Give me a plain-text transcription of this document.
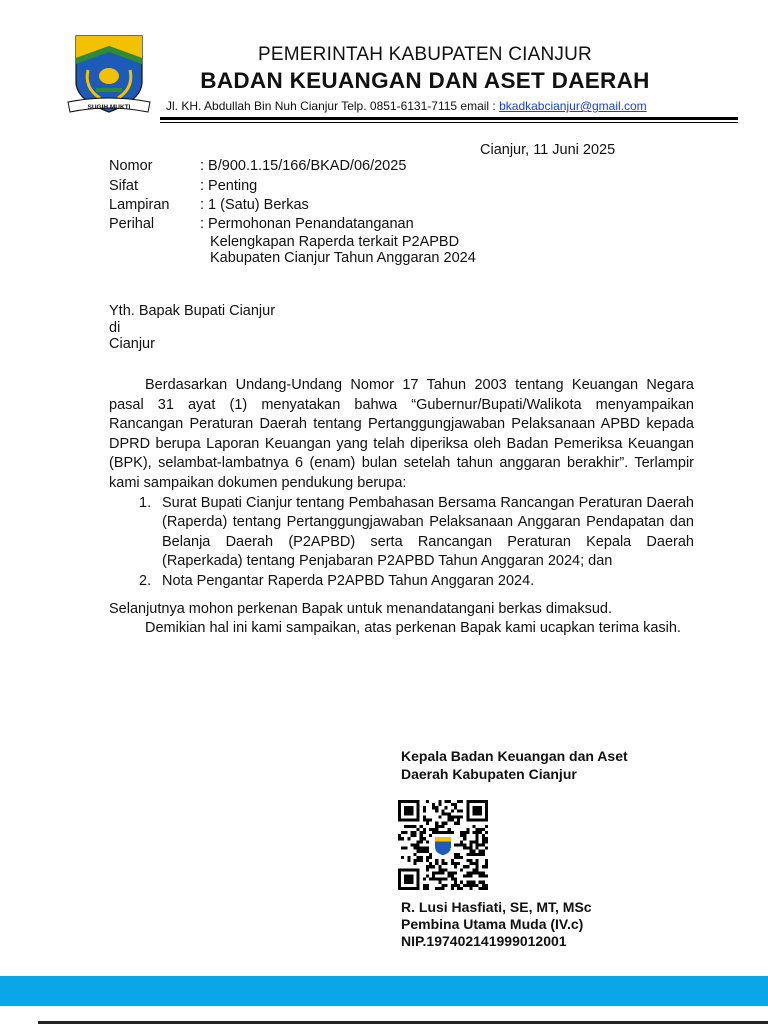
SUGIH MUKTI
PEMERINTAH KABUPATEN CIANJUR
BADAN KEUANGAN DAN ASET DAERAH
Jl. KH. Abdullah Bin Nuh Cianjur Telp. 0851-6131-7115 email : bkadkabcianjur@gmail.com
Cianjur, 11 Juni 2025
Nomor	: B/900.1.15/166/BKAD/06/2025
Sifat	: Penting
Lampiran : 1 (Satu) Berkas
Perihal	: Permohonan Penandatanganan
Kelengkapan Raperda terkait P2APBD
Kabupaten Cianjur Tahun Anggaran 2024
Yth. Bapak Bupati Cianjur
di
Cianjur

Berdasarkan Undang-Undang Nomor 17 Tahun 2003 tentang Keuangan Negara pasal 31 ayat (1) menyatakan bahwa “Gubernur/Bupati/Walikota menyampaikan Rancangan Peraturan Daerah tentang Pertanggungjawaban Pelaksanaan APBD kepada DPRD berupa Laporan Keuangan yang telah diperiksa oleh Badan Pemeriksa Keuangan (BPK), selambat-lambatnya 6 (enam) bulan setelah tahun anggaran berakhir”. Terlampir kami sampaikan dokumen pendukung berupa:

1. Surat Bupati Cianjur tentang Pembahasan Bersama Rancangan Peraturan Daerah (Raperda) tentang Pertanggungjawaban Pelaksanaan Anggaran Pendapatan dan Belanja Daerah (P2APBD) serta Rancangan Peraturan Kepala Daerah (Raperkada) tentang Penjabaran P2APBD Tahun Anggaran 2024; dan
2. Nota Pengantar Raperda P2APBD Tahun Anggaran 2024.

Selanjutnya mohon perkenan Bapak untuk menandatangani berkas dimaksud.

Demikian hal ini kami sampaikan, atas perkenan Bapak kami ucapkan terima kasih.

Kepala Badan Keuangan dan Aset
Daerah Kabupaten Cianjur
R. Lusi Hasfiati, SE, MT, MSc
Pembina Utama Muda (IV.c)
NIP.197402141999012001
